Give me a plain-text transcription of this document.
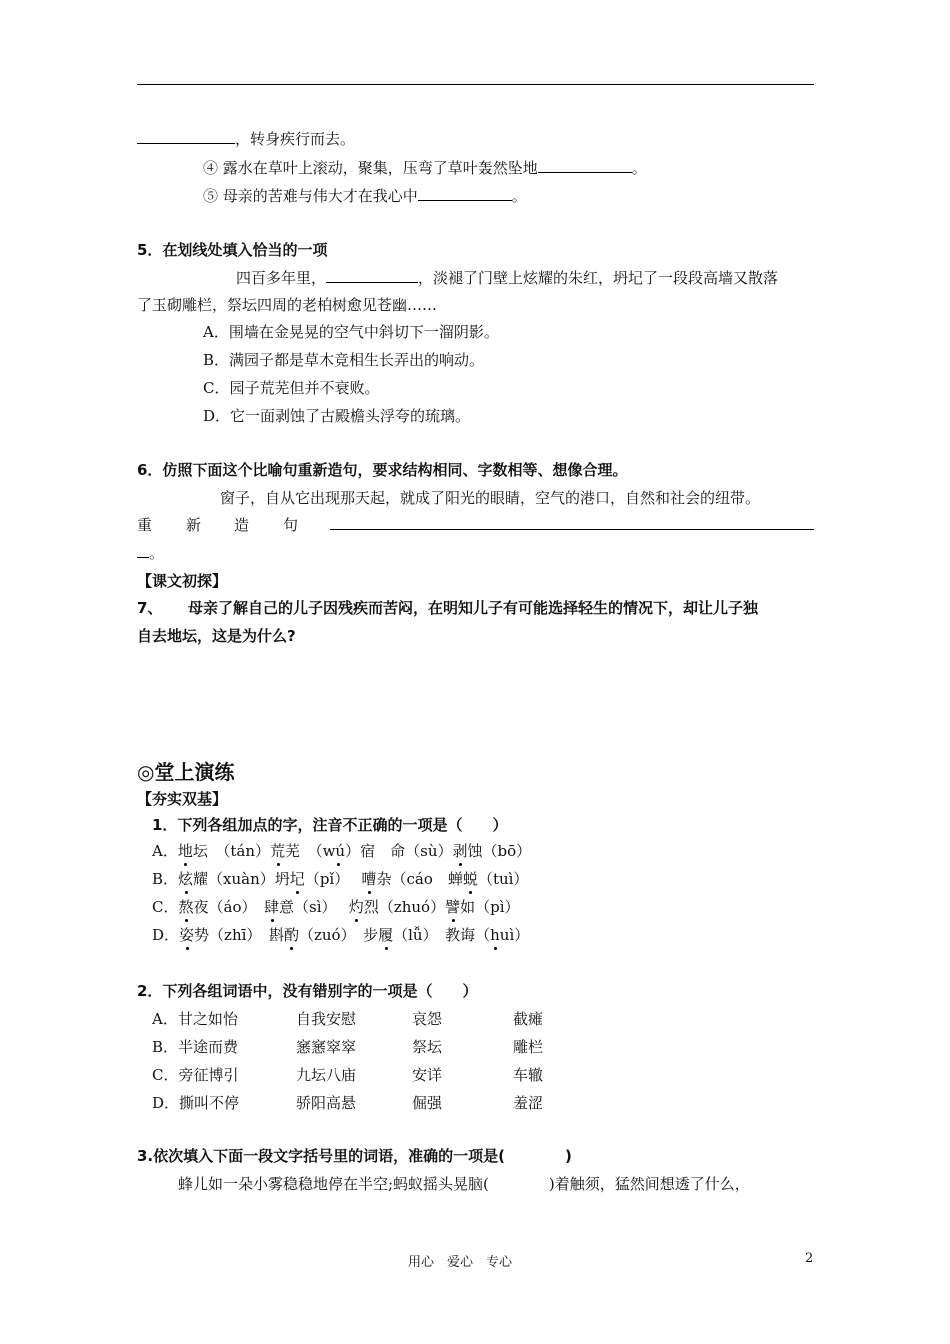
，转身疾行而去。
④ 露水在草叶上滚动，聚集，压弯了草叶轰然坠地	。
⑤ 母亲的苦难与伟大才在我心中	。
5．在划线处填入恰当的一项
四百多年里，	，淡褪了门壁上炫耀的朱红，坍圮了一段段高墙又散落
了玉砌雕栏，祭坛四周的老柏树愈见苍幽……
A．围墙在金晃晃的空气中斜切下一溜阴影。
B．满园子都是草木竞相生长弄出的响动。
C．园子荒芜但并不衰败。
D．它一面剥蚀了古殿檐头浮夸的琉璃。
6．仿照下面这个比喻句重新造句，要求结构相同、字数相等、想像合理。
窗子，自从它出现那天起，就成了阳光的眼睛，空气的港口，自然和社会的纽带。
重 新 造 句
。
【课文初探】
7、 母亲了解自己的儿子因残疾而苦闷，在明知儿子有可能选择轻生的情况下，却让儿子独
自去地坛，这是为什么?
◎堂上演练
【夯实双基】
1．下列各组加点的字，注音不正确的一项是（　　）
A．地坛　 （tán）荒芜　 （wú）宿　 命（sù）剥蚀（bō）
B．炫耀（xuàn）坍圮（pǐ）　 嘈杂（cáo　 蝉蜕（tuì）
C．熬夜（áo）　 肆意（sì）　 灼烈（zhuó）譬如（pì）
D．姿势（zhī）　 斟酌（zuó）　 步履（lǚ）　 教诲（huì）
2．下列各组词语中，没有错别字的一项是（　　）
A．甘之如怡	自我安慰	哀怨	截瘫
B．半途而费	窸窸窣窣	祭坛	雕栏
C．旁征博引	九坛八庙	安详	车辙
D．撕叫不停	骄阳高悬	倔强	羞涩
3.依次填入下面一段文字括号里的词语，准确的一项是(　　　　)
蜂儿如一朵小雾稳稳地停在半空;蚂蚁摇头晃脑(　　　　)着触须，猛然间想透了什么，
用心　爱心　专心	2
